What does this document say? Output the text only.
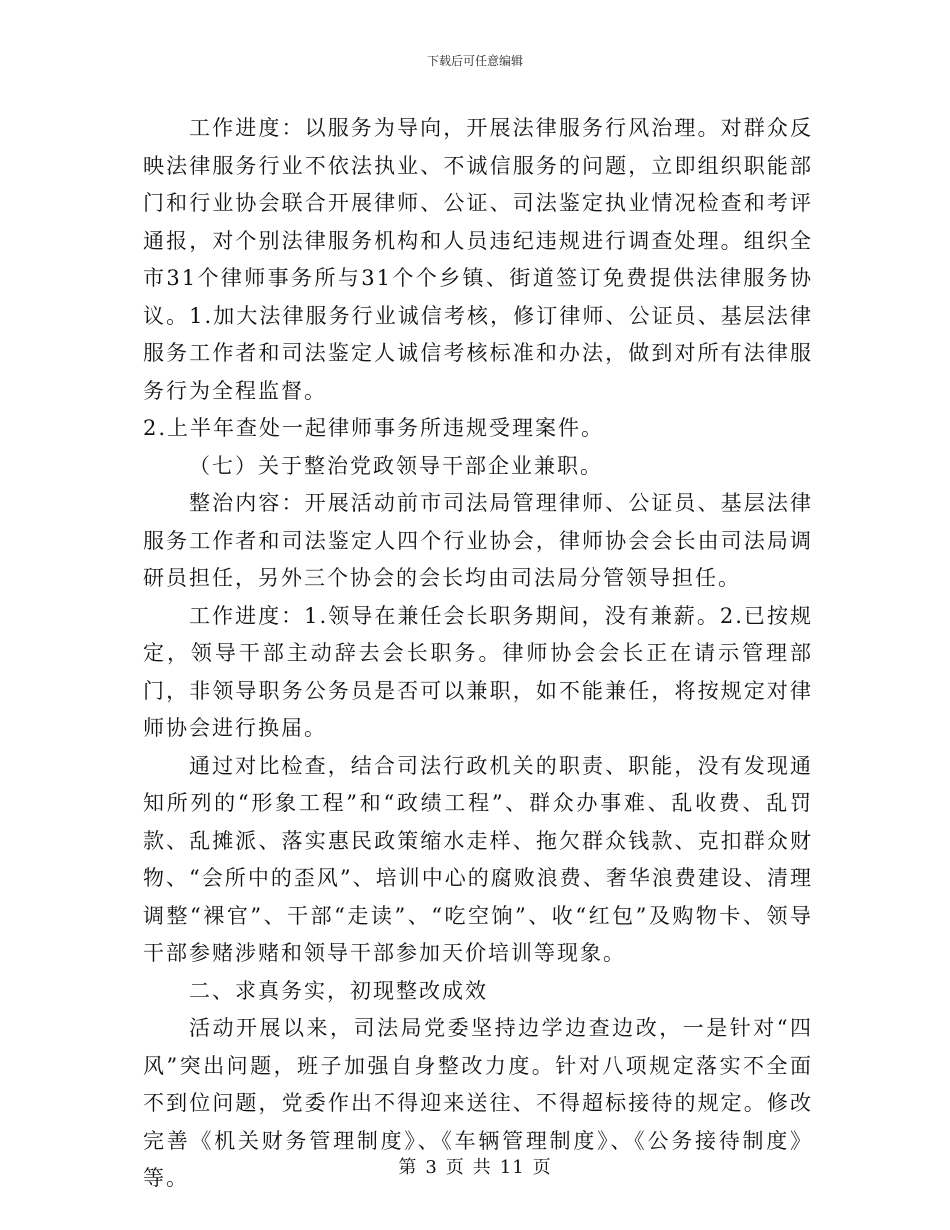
下载后可任意编辑

工作进度：以服务为导向，开展法律服务行风治理。对群众反映法律服务行业不依法执业、不诚信服务的问题，立即组织职能部门和行业协会联合开展律师、公证、司法鉴定执业情况检查和考评通报，对个别法律服务机构和人员违纪违规进行调查处理。组织全市31个律师事务所与31个个乡镇、街道签订免费提供法律服务协议。1.加大法律服务行业诚信考核，修订律师、公证员、基层法律服务工作者和司法鉴定人诚信考核标准和办法，做到对所有法律服务行为全程监督。

2.上半年查处一起律师事务所违规受理案件。

（七）关于整治党政领导干部企业兼职。

整治内容：开展活动前市司法局管理律师、公证员、基层法律服务工作者和司法鉴定人四个行业协会，律师协会会长由司法局调研员担任，另外三个协会的会长均由司法局分管领导担任。

工作进度：1.领导在兼任会长职务期间，没有兼薪。2.已按规定，领导干部主动辞去会长职务。律师协会会长正在请示管理部门，非领导职务公务员是否可以兼职，如不能兼任，将按规定对律师协会进行换届。

通过对比检查，结合司法行政机关的职责、职能，没有发现通知所列的“形象工程”和“政绩工程”、群众办事难、乱收费、乱罚款、乱摊派、落实惠民政策缩水走样、拖欠群众钱款、克扣群众财物、“会所中的歪风”、培训中心的腐败浪费、奢华浪费建设、清理调整“裸官”、干部“走读”、“吃空饷”、收“红包”及购物卡、领导干部参赌涉赌和领导干部参加天价培训等现象。

二、求真务实，初现整改成效

活动开展以来，司法局党委坚持边学边查边改，一是针对“四风”突出问题，班子加强自身整改力度。针对八项规定落实不全面不到位问题，党委作出不得迎来送往、不得超标接待的规定。修改完善《机关财务管理制度》、《车辆管理制度》、《公务接待制度》等。	第 3 页 共 11 页
